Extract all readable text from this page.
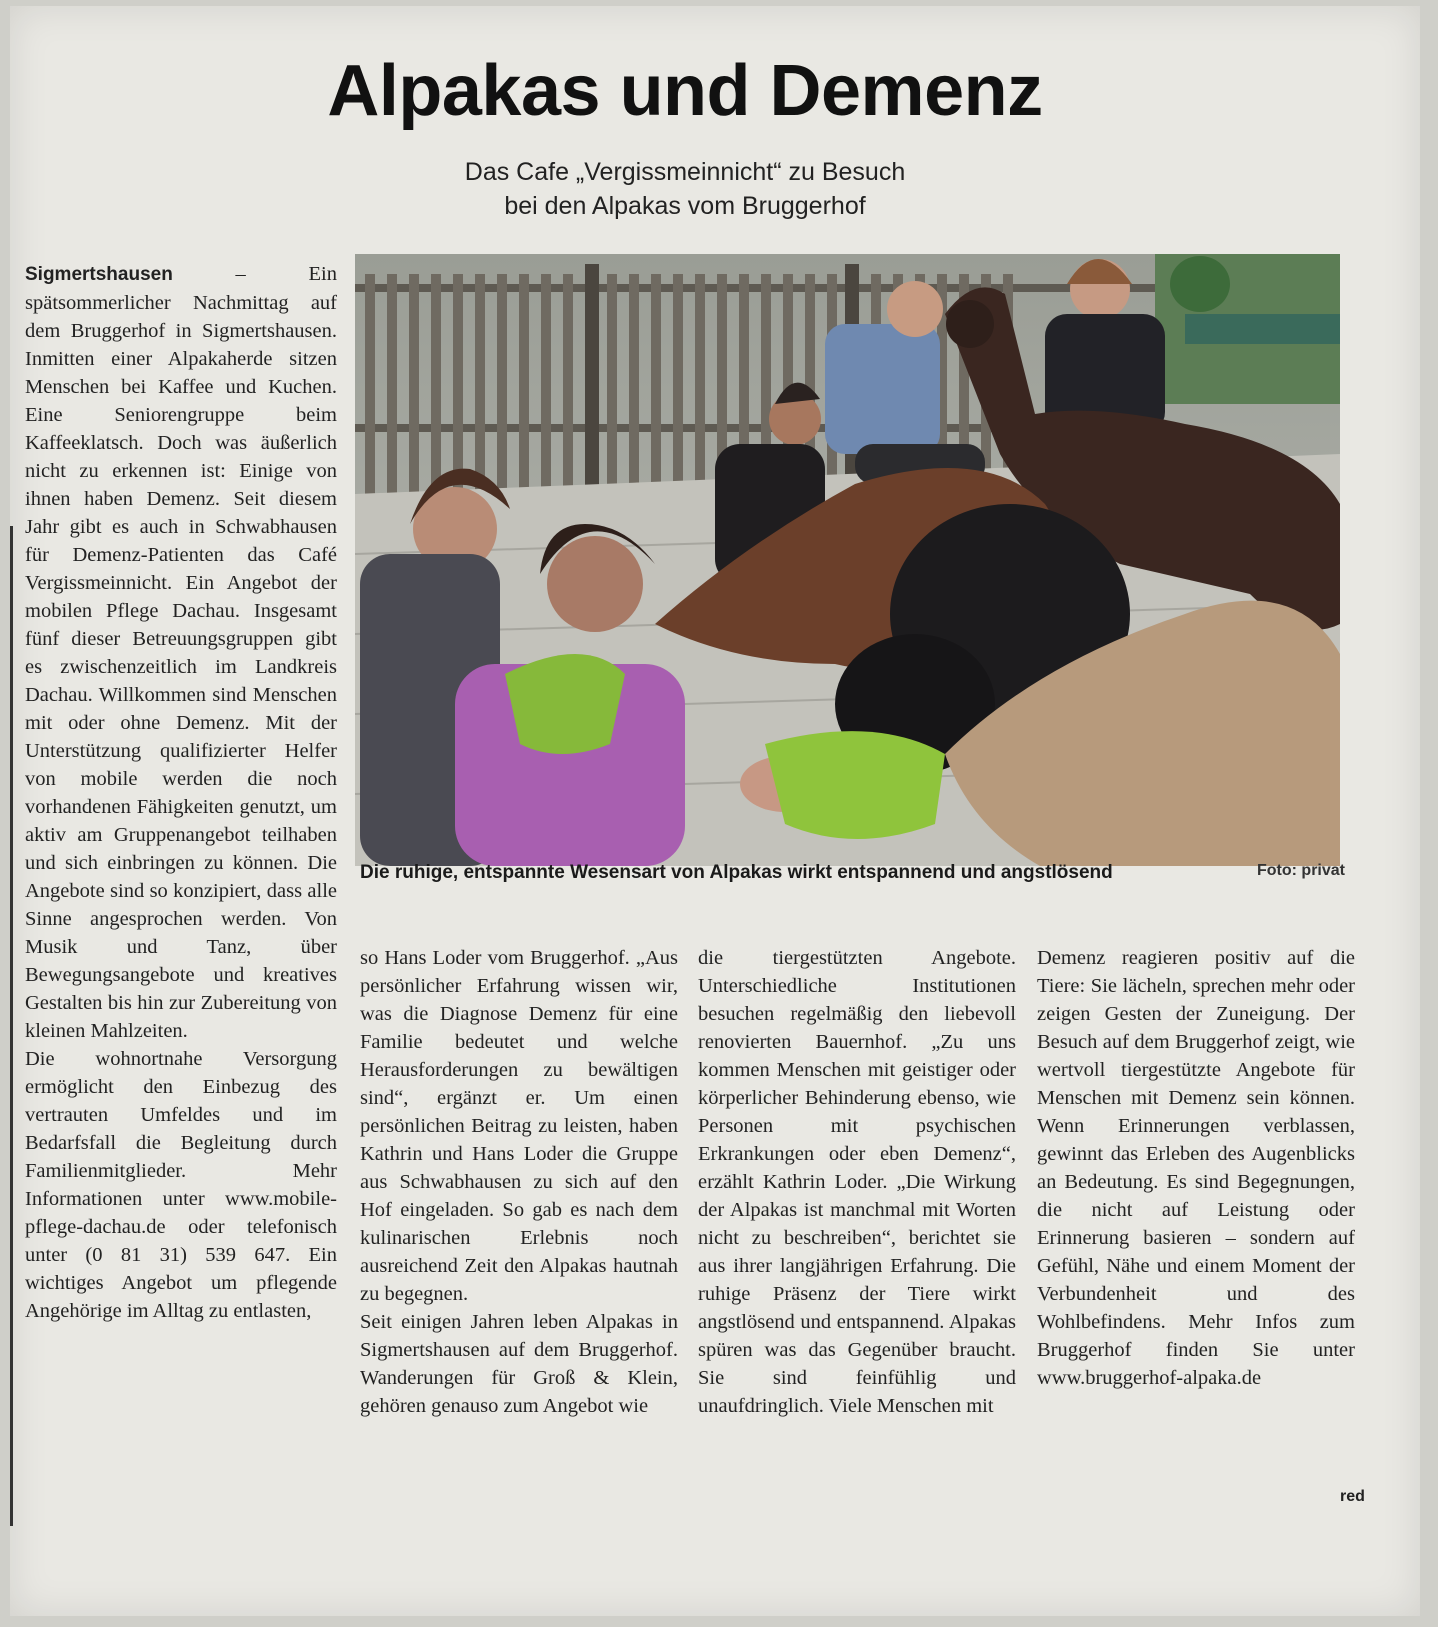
Alpakas und Demenz
Das Cafe „Vergissmeinnicht“ zu Besuch
bei den Alpakas vom Bruggerhof

Sigmertshausen – Ein spätsommerlicher Nachmittag auf dem Bruggerhof in Sigmertshausen. Inmitten einer Alpakaherde sitzen Menschen bei Kaffee und Kuchen. Eine Seniorengruppe beim Kaffeeklatsch. Doch was äußerlich nicht zu erkennen ist: Einige von ihnen haben Demenz. Seit diesem Jahr gibt es auch in Schwabhausen für Demenz-Patienten das Café Vergissmeinnicht. Ein Angebot der mobilen Pflege Dachau. Insgesamt fünf dieser Betreuungsgruppen gibt es zwischenzeitlich im Landkreis Dachau. Willkommen sind Menschen mit oder ohne Demenz. Mit der Unterstützung qualifizierter Helfer von mobile werden die noch vorhandenen Fähigkeiten genutzt, um aktiv am Gruppenangebot teilhaben und sich einbringen zu können. Die Angebote sind so konzipiert, dass alle Sinne angesprochen werden. Von Musik und Tanz, über Bewegungsangebote und kreatives Gestalten bis hin zur Zubereitung von kleinen Mahlzeiten.

Die wohnortnahe Versorgung ermöglicht den Einbezug des vertrauten Umfeldes und im Bedarfsfall die Begleitung durch Familienmitglieder. Mehr Informationen unter www.mobile-pflege-dachau.de oder telefonisch unter (0 81 31) 539 647. Ein wichtiges Angebot um pflegende Angehörige im Alltag zu entlasten,

Die ruhige, entspannte Wesensart von Alpakas wirkt entspannend und angstlösend	Foto: privat

so Hans Loder vom Bruggerhof. „Aus persönlicher Erfahrung wissen wir, was die Diagnose Demenz für eine Familie bedeutet und welche Herausforderungen zu bewältigen sind“, ergänzt er. Um einen persönlichen Beitrag zu leisten, haben Kathrin und Hans Loder die Gruppe aus Schwabhausen zu sich auf den Hof eingeladen. So gab es nach dem kulinarischen Erlebnis noch ausreichend Zeit den Alpakas hautnah zu begegnen.

Seit einigen Jahren leben Alpakas in Sigmertshausen auf dem Bruggerhof. Wanderungen für Groß & Klein, gehören genauso zum Angebot wie

die tiergestützten Angebote. Unterschiedliche Institutionen besuchen regelmäßig den liebevoll renovierten Bauernhof. „Zu uns kommen Menschen mit geistiger oder körperlicher Behinderung ebenso, wie Personen mit psychischen Erkrankungen oder eben Demenz“, erzählt Kathrin Loder. „Die Wirkung der Alpakas ist manchmal mit Worten nicht zu beschreiben“, berichtet sie aus ihrer langjährigen Erfahrung. Die ruhige Präsenz der Tiere wirkt angstlösend und entspannend. Alpakas spüren was das Gegenüber braucht. Sie sind feinfühlig und unaufdringlich. Viele Menschen mit

Demenz reagieren positiv auf die Tiere: Sie lächeln, sprechen mehr oder zeigen Gesten der Zuneigung. Der Besuch auf dem Bruggerhof zeigt, wie wertvoll tiergestützte Angebote für Menschen mit Demenz sein können. Wenn Erinnerungen verblassen, gewinnt das Erleben des Augenblicks an Bedeutung. Es sind Begegnungen, die nicht auf Leistung oder Erinnerung basieren – sondern auf Gefühl, Nähe und einem Moment der Verbundenheit und des Wohlbefindens. Mehr Infos zum Bruggerhof finden Sie unter www.bruggerhof-alpaka.de

red
